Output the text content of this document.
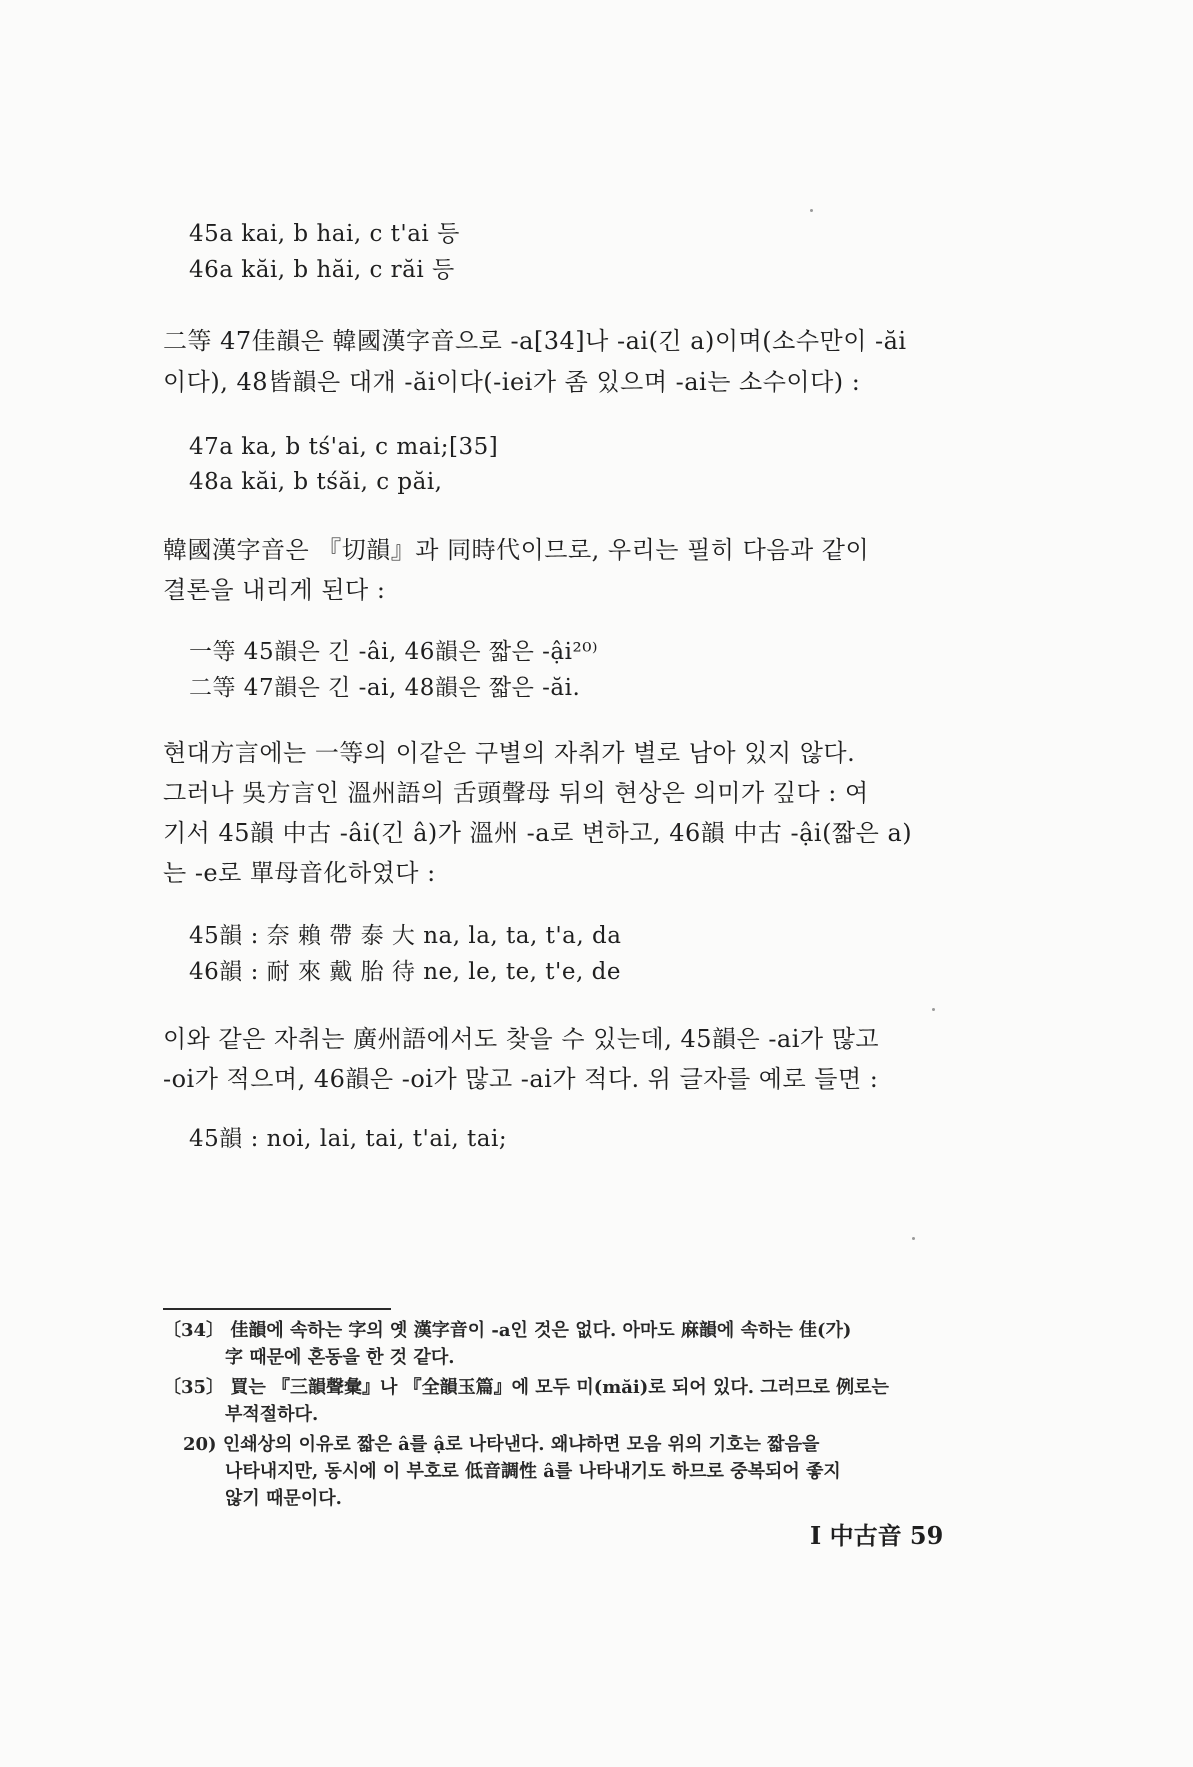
45a kai, b hai, c t'ai 등
46a kăi, b hăi, c răi 등
二等 47佳韻은 韓國漢字音으로 -a[34]나 -ai(긴 a)이며(소수만이 -ăi
이다), 48皆韻은 대개 -ăi이다(-iei가 좀 있으며 -ai는 소수이다) :
47a ka, b tś'ai, c mai;[35]
48a kăi, b tśăi, c păi,
韓國漢字音은 『切韻』과 同時代이므로, 우리는 필히 다음과 같이
결론을 내리게 된다 :
一等 45韻은 긴 -âi, 46韻은 짧은 -ậi²⁰⁾
二等 47韻은 긴 -ai, 48韻은 짧은 -ăi.
현대方言에는 一等의 이같은 구별의 자취가 별로 남아 있지 않다.
그러나 吳方言인 溫州語의 舌頭聲母 뒤의 현상은 의미가 깊다 : 여
기서 45韻 中古 -âi(긴 â)가 溫州 -a로 변하고, 46韻 中古 -ậi(짧은 a)
는 -e로 單母音化하였다 :
45韻 : 奈 賴 帶 泰 大 na, la, ta, t'a, da
46韻 : 耐 來 戴 胎 待 ne, le, te, t'e, de
이와 같은 자취는 廣州語에서도 찾을 수 있는데, 45韻은 -ai가 많고
-oi가 적으며, 46韻은 -oi가 많고 -ai가 적다. 위 글자를 예로 들면 :
45韻 : noi, lai, tai, t'ai, tai;
〔34〕 佳韻에 속하는 字의 옛 漢字音이 -a인 것은 없다. 아마도 麻韻에 속하는 佳(가)
字 때문에 혼동을 한 것 같다.
〔35〕 買는 『三韻聲彙』나 『全韻玉篇』에 모두 미(măi)로 되어 있다. 그러므로 例로는
부적절하다.
20) 인쇄상의 이유로 짧은 â를 ậ로 나타낸다. 왜냐하면 모음 위의 기호는 짧음을
나타내지만, 동시에 이 부호로 低音調性 â를 나타내기도 하므로 중복되어 좋지
않기 때문이다.
I 中古音 59
